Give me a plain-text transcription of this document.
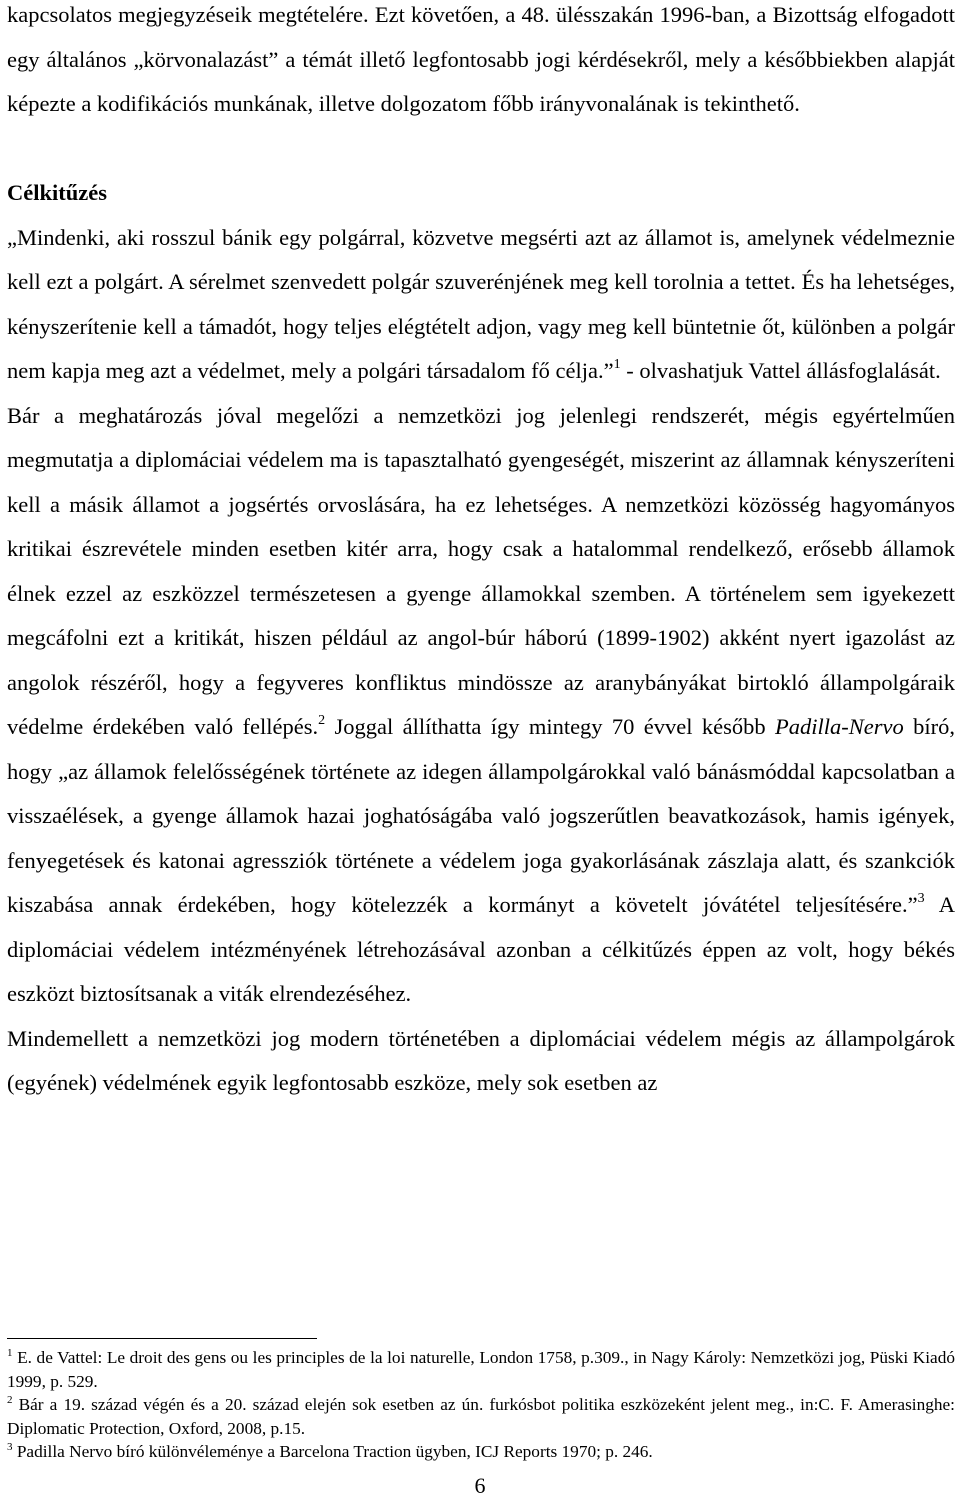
kapcsolatos megjegyzéseik megtételére. Ezt követően, a 48. ülésszakán 1996-ban, a Bizottság elfogadott egy általános „körvonalazást” a témát illető legfontosabb jogi kérdésekről, mely a későbbiekben alapját képezte a kodifikációs munkának, illetve dolgozatom főbb irányvonalának is tekinthető.

Célkitűzés

„Mindenki, aki rosszul bánik egy polgárral, közvetve megsérti azt az államot is, amelynek védelmeznie kell ezt a polgárt. A sérelmet szenvedett polgár szuverénjének meg kell torolnia a tettet. És ha lehetséges, kényszerítenie kell a támadót, hogy teljes elégtételt adjon, vagy meg kell büntetnie őt, különben a polgár nem kapja meg azt a védelmet, mely a polgári társadalom fő célja.”$^1$ - olvashatjuk Vattel állásfoglalását.

Bár a meghatározás jóval megelőzi a nemzetközi jog jelenlegi rendszerét, mégis egyértelműen megmutatja a diplomáciai védelem ma is tapasztalható gyengeségét, miszerint az államnak kényszeríteni kell a másik államot a jogsértés orvoslására, ha ez lehetséges. A nemzetközi közösség hagyományos kritikai észrevétele minden esetben kitér arra, hogy csak a hatalommal rendelkező, erősebb államok élnek ezzel az eszközzel természetesen a gyenge államokkal szemben. A történelem sem igyekezett megcáfolni ezt a kritikát, hiszen például az angol-búr háború (1899-1902) akként nyert igazolást az angolok részéről, hogy a fegyveres konfliktus mindössze az aranybányákat birtokló állampolgáraik védelme érdekében való fellépés.$^2$ Joggal állíthatta így mintegy 70 évvel később Padilla-Nervo bíró, hogy „az államok felelősségének története az idegen állampolgárokkal való bánásmóddal kapcsolatban a visszaélések, a gyenge államok hazai joghatóságába való jogszerűtlen beavatkozások, hamis igények, fenyegetések és katonai agressziók története a védelem joga gyakorlásának zászlaja alatt, és szankciók kiszabása annak érdekében, hogy kötelezzék a kormányt a követelt jóvátétel teljesítésére.”$^3$ A diplomáciai védelem intézményének létrehozásával azonban a célkitűzés éppen az volt, hogy békés eszközt biztosítsanak a viták elrendezéséhez.

Mindemellett a nemzetközi jog modern történetében a diplomáciai védelem mégis az állampolgárok (egyének) védelmének egyik legfontosabb eszköze, mely sok esetben az

$^1$ E. de Vattel: Le droit des gens ou les principles de la loi naturelle, London 1758, p.309., in Nagy Károly: Nemzetközi jog, Püski Kiadó 1999, p. 529.

$^2$ Bár a 19. század végén és a 20. század elején sok esetben az ún. furkósbot politika eszközeként jelent meg., in:C. F. Amerasinghe: Diplomatic Protection, Oxford, 2008, p.15.

$^3$ Padilla Nervo bíró különvéleménye a Barcelona Traction ügyben, ICJ Reports 1970; p. 246.

6
